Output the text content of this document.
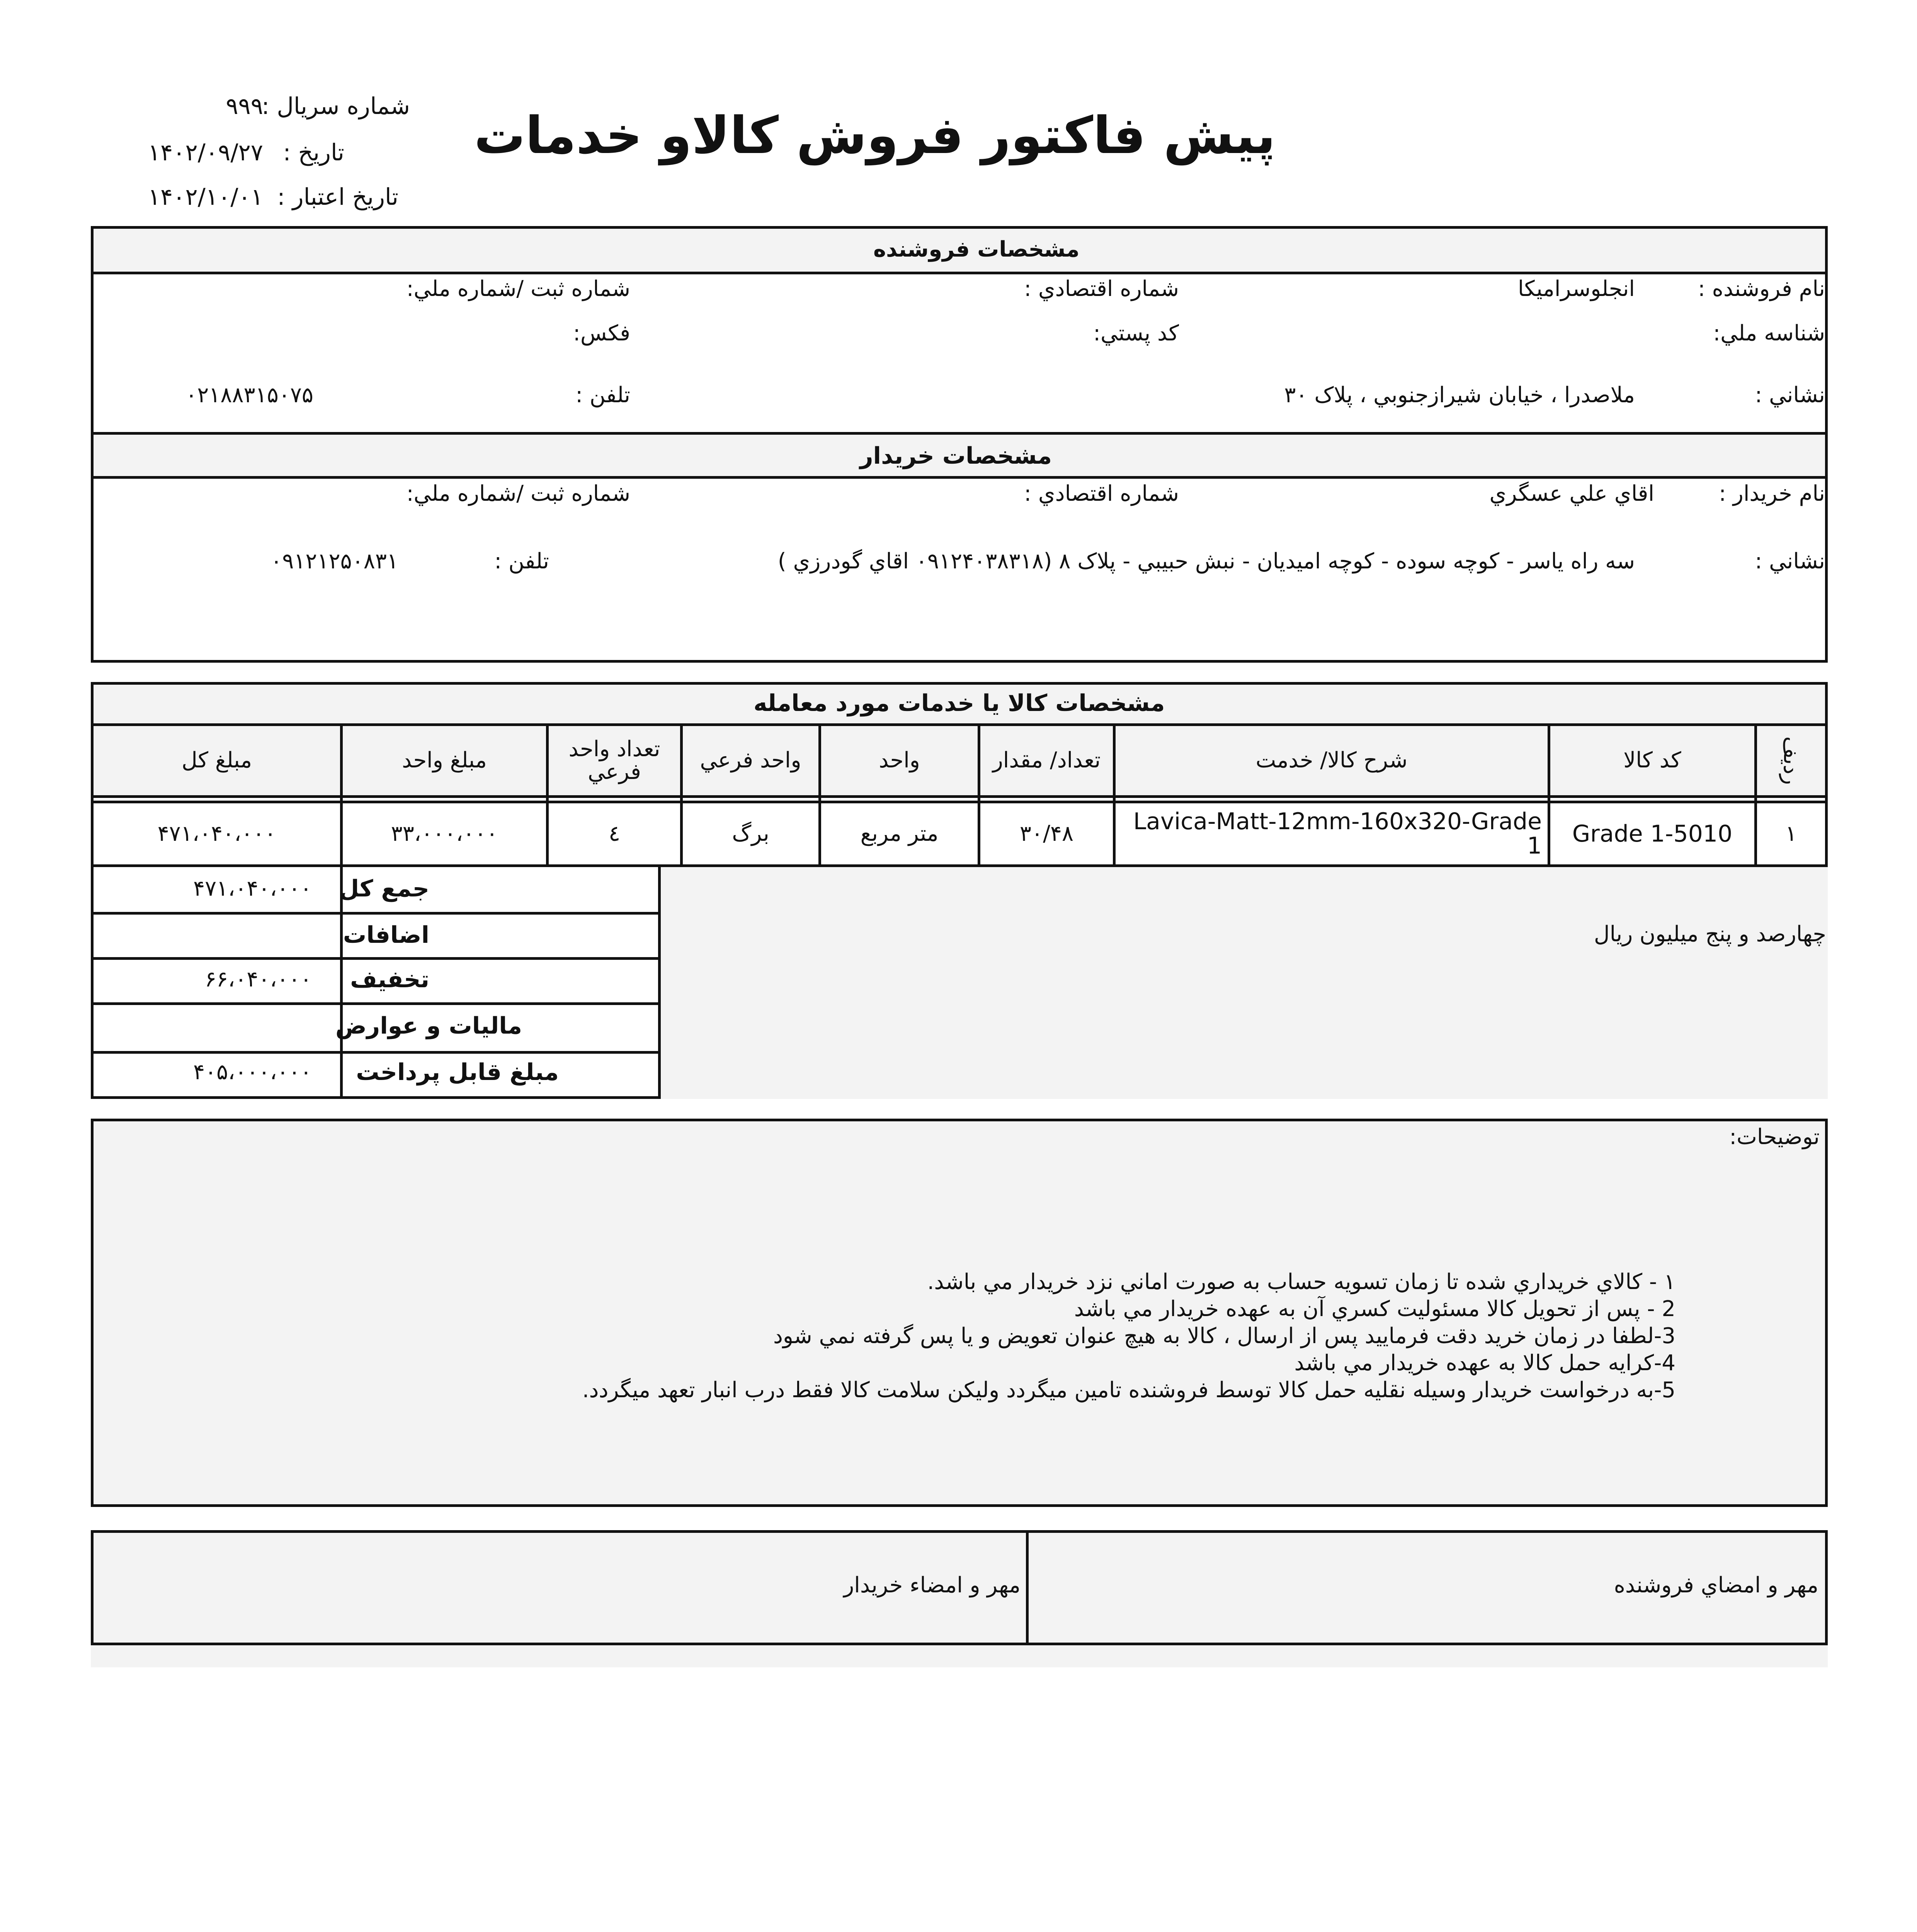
پیش فاکتور فروش کالاو خدمات
شماره سريال :
۹۹۹
تاريخ :
۱۴۰۲/۰۹/۲۷
تاريخ اعتبار :
۱۴۰۲/۱۰/۰۱
مشخصات فروشنده
نام فروشنده :
انجلوسراميکا
شماره اقتصادي :
شماره ثبت /شماره ملي:
شناسه ملي:
کد پستي:
فکس:
نشاني :
ملاصدرا ، خيابان شيرازجنوبي ، پلاک ۳۰
تلفن :
۰۲۱۸۸۳۱۵۰۷۵
مشخصات خريدار
نام خريدار :
اقاي علي عسگري
شماره اقتصادي :
شماره ثبت /شماره ملي:
نشاني :
سه راه ياسر - کوچه سوده - کوچه اميديان - نبش حبيبي - پلاک ۸ (۰۹۱۲۴۰۳۸۳۱۸ اقاي گودرزي )
تلفن :
۰۹۱۲۱۲۵۰۸۳۱
مشخصات کالا يا خدمات مورد معامله
رديف
کد کالا
شرح کالا/ خدمت
تعداد/ مقدار
واحد
واحد فرعي
تعداد واحد فرعي
مبلغ واحد
مبلغ کل
۱
Grade 1-5010
Lavica-Matt-12mm-160x320-Grade 1
۳۰/۴۸
متر مربع
برگ
٤
۳۳،۰۰۰،۰۰۰
۴۷۱،۰۴۰،۰۰۰
چهارصد و پنج ميليون ريال
جمع کل
۴۷۱،۰۴۰،۰۰۰
اضافات
تخفيف
۶۶،۰۴۰،۰۰۰
ماليات و عوارض
مبلغ قابل پرداخت
۴۰۵،۰۰۰،۰۰۰
توضيحات:
۱ - کالاي خريداري شده تا زمان تسويه حساب به صورت اماني نزد خريدار مي باشد.
2 - پس از تحويل کالا مسئوليت کسري آن به عهده خريدار مي باشد
3-لطفا در زمان خريد دقت فرماييد پس از ارسال ، کالا به هيچ عنوان تعويض و يا پس گرفته نمي شود
4-کرايه حمل کالا به عهده خريدار مي باشد
5-به درخواست خريدار وسيله نقليه حمل کالا توسط فروشنده تامين ميگردد وليکن سلامت کالا فقط درب انبار تعهد ميگردد.
مهر و امضاي فروشنده
مهر و امضاء خريدار
